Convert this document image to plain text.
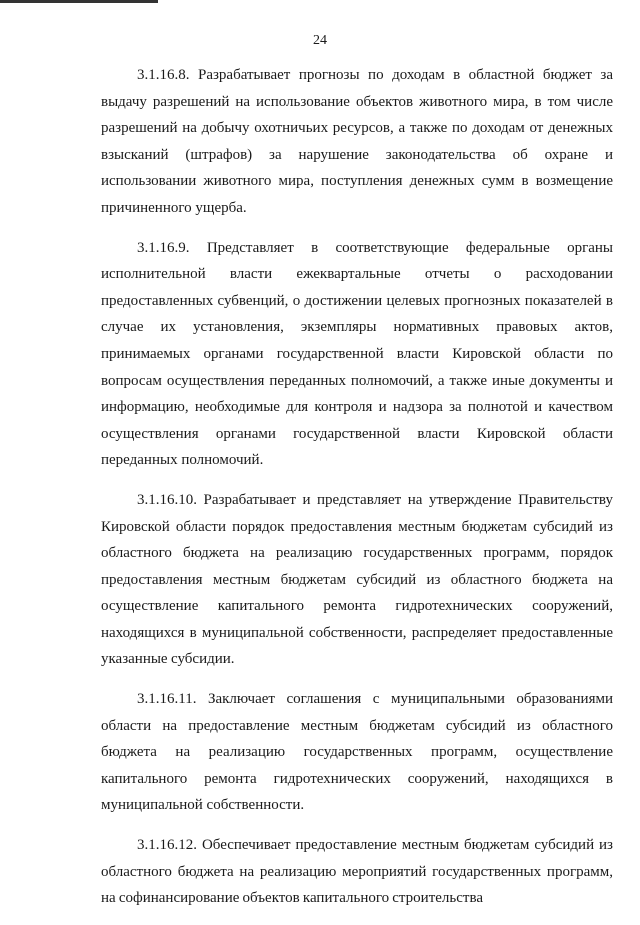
24

3.1.16.8. Разрабатывает прогнозы по доходам в областной бюджет за выдачу разрешений на использование объектов животного мира, в том числе разрешений на добычу охотничьих ресурсов, а также по доходам от денежных взысканий (штрафов) за нарушение законодательства об охране и использовании животного мира, поступления денежных сумм в возмещение причиненного ущерба.

3.1.16.9. Представляет в соответствующие федеральные органы исполнительной власти ежеквартальные отчеты о расходовании предоставленных субвенций, о достижении целевых прогнозных показателей в случае их установления, экземпляры нормативных правовых актов, принимаемых органами государственной власти Кировской области по вопросам осуществления переданных полномочий, а также иные документы и информацию, необходимые для контроля и надзора за полнотой и качеством осуществления органами государственной власти Кировской области переданных полномочий.

3.1.16.10. Разрабатывает и представляет на утверждение Правительству Кировской области порядок предоставления местным бюджетам субсидий из областного бюджета на реализацию государственных программ, порядок предоставления местным бюджетам субсидий из областного бюджета на осуществление капитального ремонта гидротехнических сооружений, находящихся в муниципальной собственности, распределяет предоставленные указанные субсидии.

3.1.16.11. Заключает соглашения с муниципальными образованиями области на предоставление местным бюджетам субсидий из областного бюджета на реализацию государственных программ, осуществление капитального ремонта гидротехнических сооружений, находящихся в муниципальной собственности.

3.1.16.12. Обеспечивает предоставление местным бюджетам субсидий из областного бюджета на реализацию мероприятий государственных программ, на софинансирование объектов капитального строительства
